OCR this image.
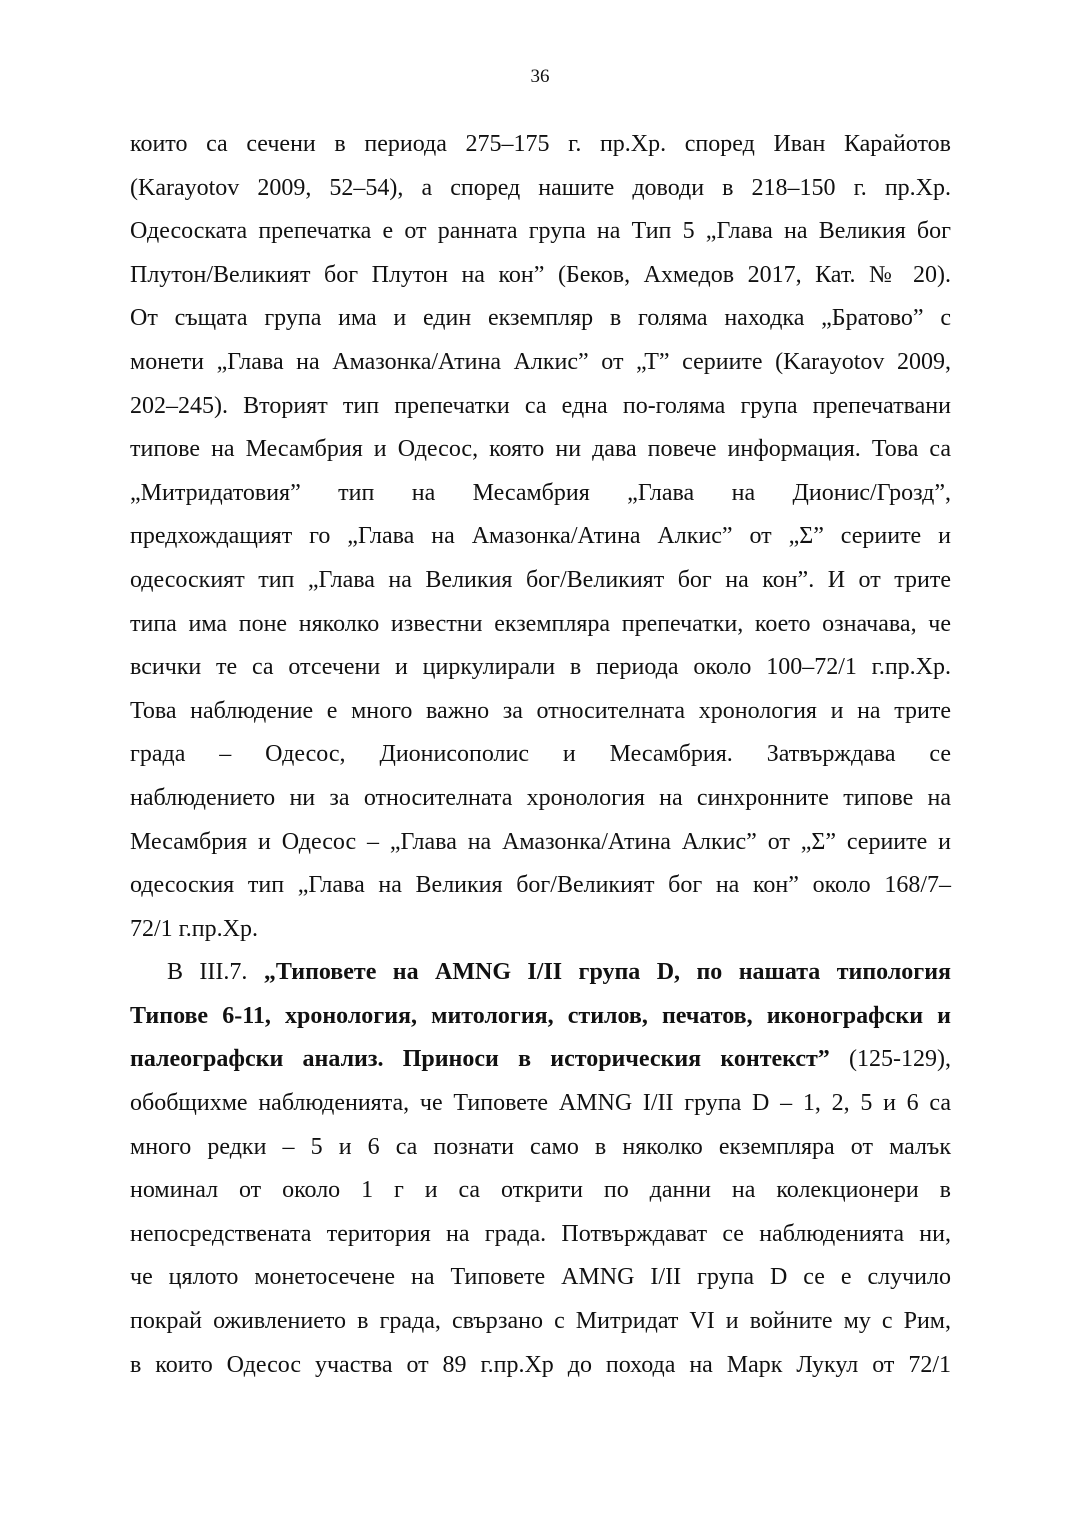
36
които са сечени в периода 275–175 г. пр.Хр. според Иван Карайотов
(Karayotov 2009, 52–54), а според нашите доводи в 218–150 г. пр.Хр.
Одесоската препечатка е от ранната група на Тип 5 „Глава на Великия бог
Плутон/Великият бог Плутон на кон” (Беков, Ахмедов 2017, Кат. № 20).
От същата група има и един екземпляр в голяма находка „Братово” с
монети „Глава на Амазонка/Атина Алкис” от „Т” сериите (Karayotov 2009,
202–245). Вторият тип препечатки са една по-голяма група препечатвани
типове на Месамбрия и Одесос, която ни дава повече информация. Това са
„Митридатовия” тип на Месамбрия „Глава на Дионис/Грозд”,
предхождащият го „Глава на Амазонка/Атина Алкис” от „Σ” сериите и
одесоският тип „Глава на Великия бог/Великият бог на кон”. И от трите
типа има поне няколко известни екземпляра препечатки, което означава, че
всички те са отсечени и циркулирали в периода около 100–72/1 г.пр.Хр.
Това наблюдение е много важно за относителната хронология и на трите
града – Одесос, Дионисополис и Месамбрия. Затвърждава се
наблюдението ни за относителната хронология на синхронните типове на
Месамбрия и Одесос – „Глава на Амазонка/Атина Алкис” от „Σ” сериите и
одесоския тип „Глава на Великия бог/Великият бог на кон” около 168/7–
72/1 г.пр.Хр.
В III.7. „Типовете на AMNG I/II група D, по нашата типология
Типове 6-11, хронология, митология, стилов, печатов, иконографски и
палеографски анализ. Приноси в историческия контекст” (125-129),
обобщихме наблюденията, че Типовете AMNG I/II група D – 1, 2, 5 и 6 са
много редки – 5 и 6 са познати само в няколко екземпляра от малък
номинал от около 1 г и са открити по данни на колекционери в
непосредствената територия на града. Потвърждават се наблюденията ни,
че цялото монетосечене на Типовете AMNG I/II група D се е случило
покрай оживлението в града, свързано с Митридат VI и войните му с Рим,
в които Одесос участва от 89 г.пр.Хр до похода на Марк Лукул от 72/1
